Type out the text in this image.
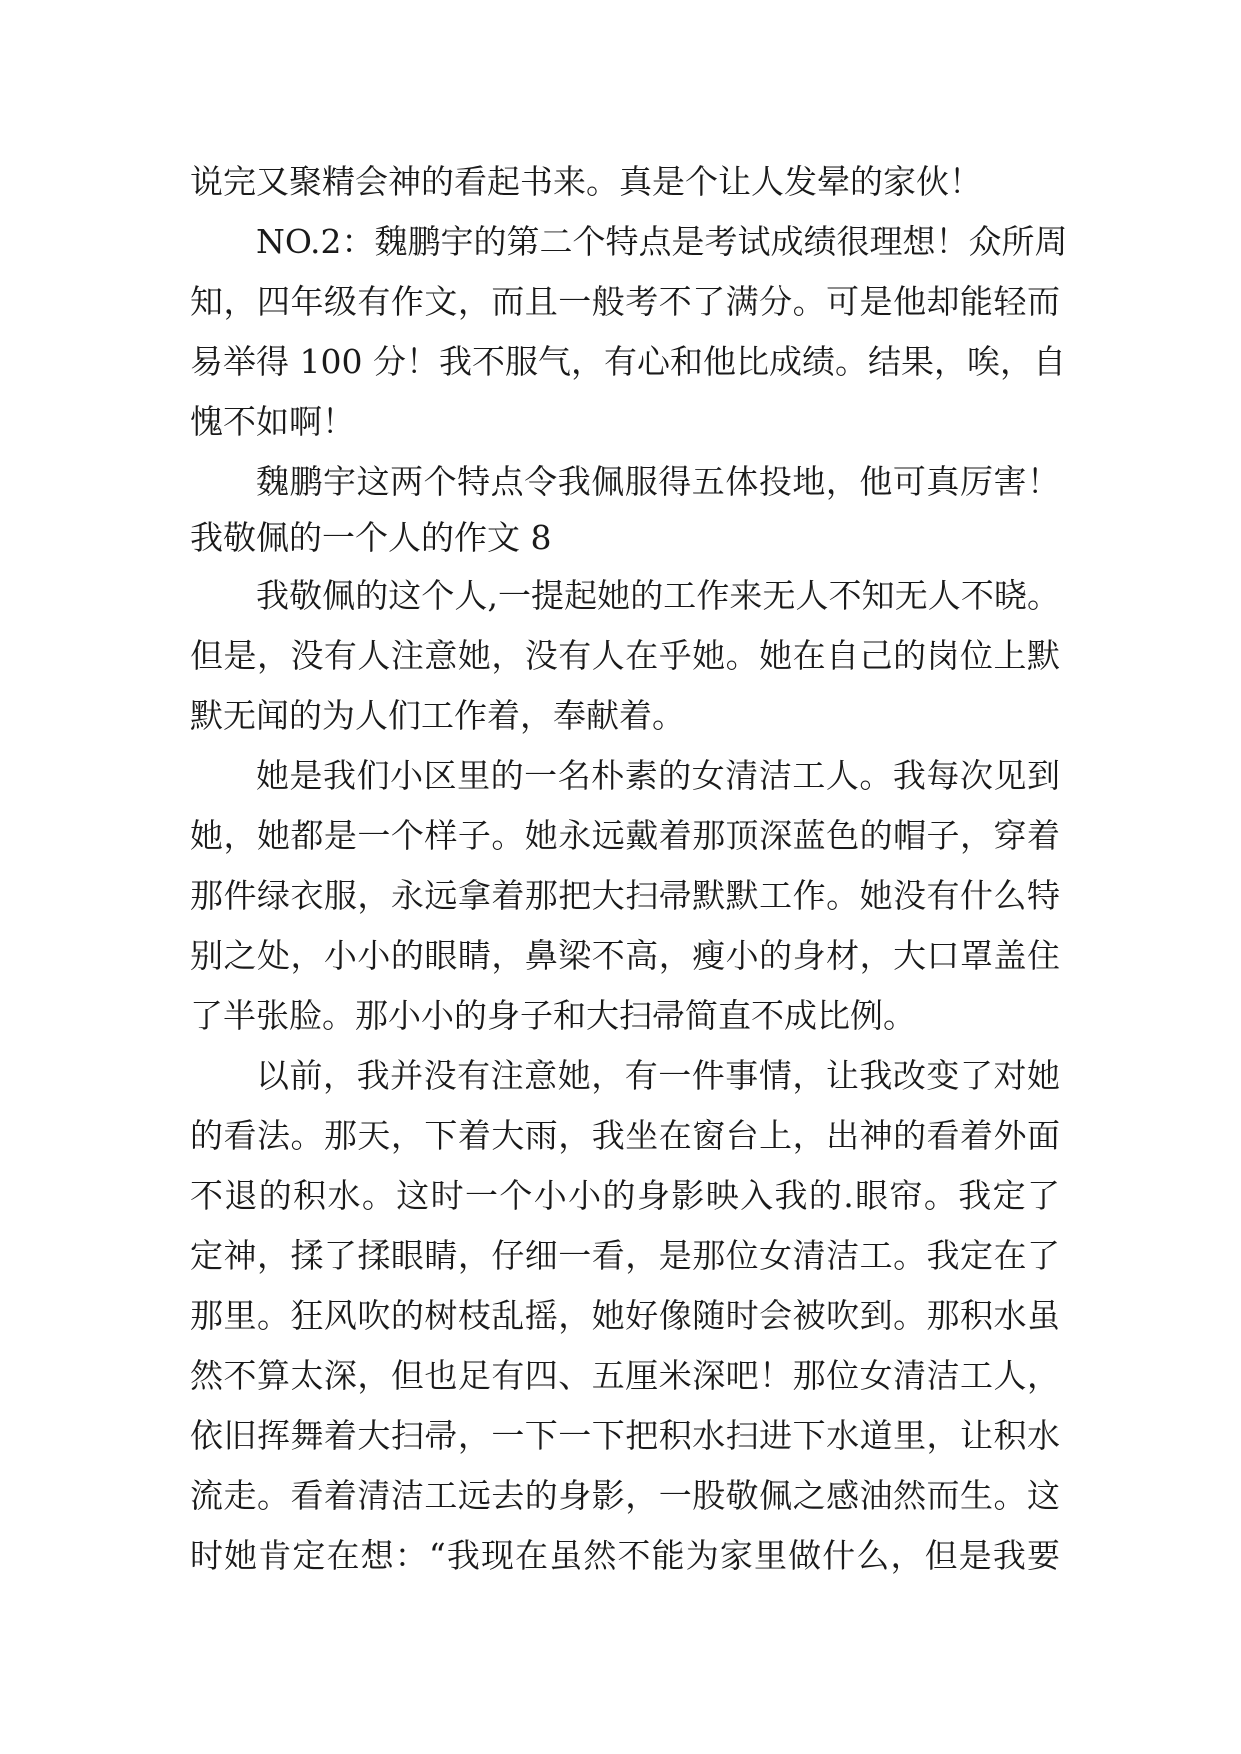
说完又聚精会神的看起书来。真是个让人发晕的家伙！
NO.2：魏鹏宇的第二个特点是考试成绩很理想！众所周
知，四年级有作文，而且一般考不了满分。可是他却能轻而
易举得 100 分！我不服气，有心和他比成绩。结果，唉，自
愧不如啊！
魏鹏宇这两个特点令我佩服得五体投地，他可真厉害！
我敬佩的一个人的作文 8
我敬佩的这个人,一提起她的工作来无人不知无人不晓。
但是，没有人注意她，没有人在乎她。她在自己的岗位上默
默无闻的为人们工作着，奉献着。
她是我们小区里的一名朴素的女清洁工人。我每次见到
她，她都是一个样子。她永远戴着那顶深蓝色的帽子，穿着
那件绿衣服，永远拿着那把大扫帚默默工作。她没有什么特
别之处，小小的眼睛，鼻梁不高，瘦小的身材，大口罩盖住
了半张脸。那小小的身子和大扫帚简直不成比例。
以前，我并没有注意她，有一件事情，让我改变了对她
的看法。那天，下着大雨，我坐在窗台上，出神的看着外面
不退的积水。这时一个小小的身影映入我的.眼帘。我定了
定神，揉了揉眼睛，仔细一看，是那位女清洁工。我定在了
那里。狂风吹的树枝乱摇，她好像随时会被吹到。那积水虽
然不算太深，但也足有四、五厘米深吧！那位女清洁工人，
依旧挥舞着大扫帚，一下一下把积水扫进下水道里，让积水
流走。看着清洁工远去的身影，一股敬佩之感油然而生。这
时她肯定在想：“我现在虽然不能为家里做什么，但是我要
